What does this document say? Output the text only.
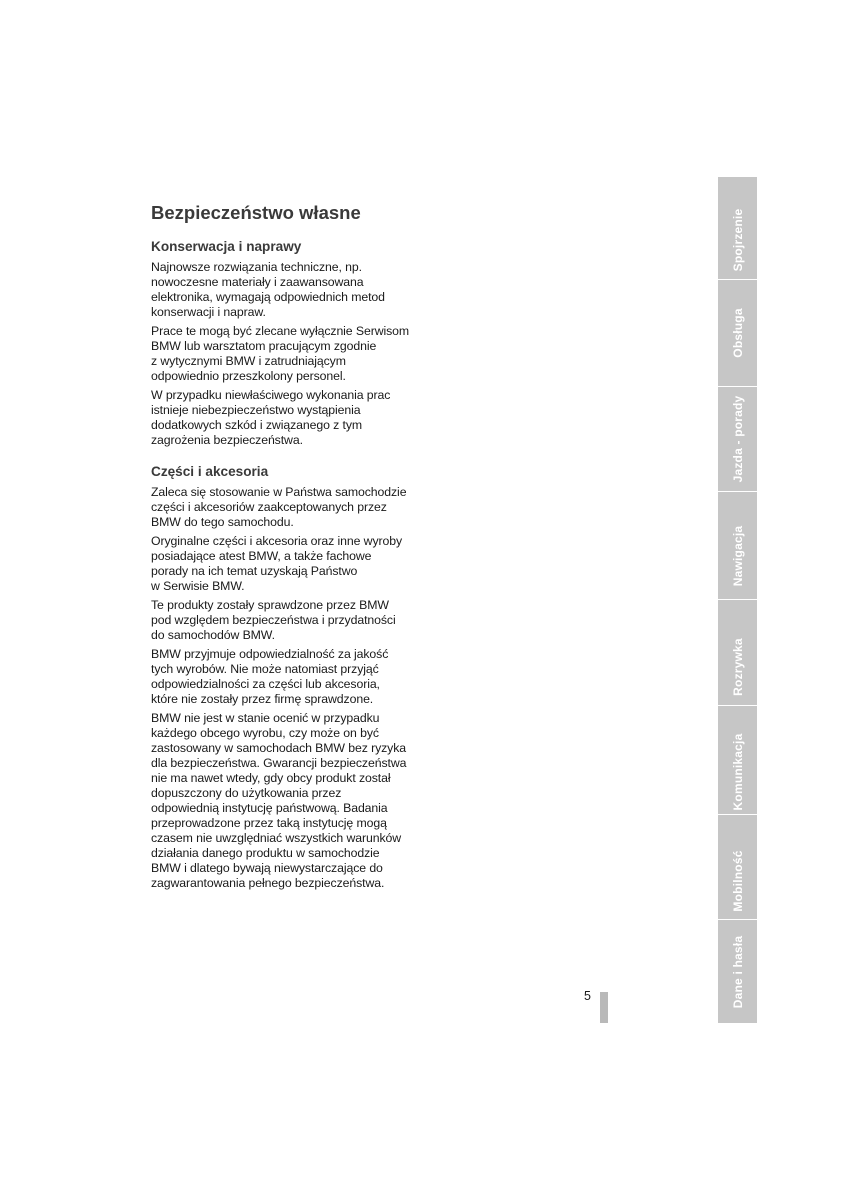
Bezpieczeństwo własne
Konserwacja i naprawy

Najnowsze rozwiązania techniczne, np.
nowoczesne materiały i zaawansowana
elektronika, wymagają odpowiednich metod
konserwacji i napraw.

Prace te mogą być zlecane wyłącznie Serwisom
BMW lub warsztatom pracującym zgodnie
z wytycznymi BMW i zatrudniającym
odpowiednio przeszkolony personel.

W przypadku niewłaściwego wykonania prac
istnieje niebezpieczeństwo wystąpienia
dodatkowych szkód i związanego z tym
zagrożenia bezpieczeństwa.

Części i akcesoria

Zaleca się stosowanie w Państwa samochodzie
części i akcesoriów zaakceptowanych przez
BMW do tego samochodu.

Oryginalne części i akcesoria oraz inne wyroby
posiadające atest BMW, a także fachowe
porady na ich temat uzyskają Państwo
w Serwisie BMW.

Te produkty zostały sprawdzone przez BMW
pod względem bezpieczeństwa i przydatności
do samochodów BMW.

BMW przyjmuje odpowiedzialność za jakość
tych wyrobów. Nie może natomiast przyjąć
odpowiedzialności za części lub akcesoria,
które nie zostały przez firmę sprawdzone.

BMW nie jest w stanie ocenić w przypadku
każdego obcego wyrobu, czy może on być
zastosowany w samochodach BMW bez ryzyka
dla bezpieczeństwa. Gwarancji bezpieczeństwa
nie ma nawet wtedy, gdy obcy produkt został
dopuszczony do użytkowania przez
odpowiednią instytucję państwową. Badania
przeprowadzone przez taką instytucję mogą
czasem nie uwzględniać wszystkich warunków
działania danego produktu w samochodzie
BMW i dlatego bywają niewystarczające do
zagwarantowania pełnego bezpieczeństwa.

5
Spojrzenie
Obsługa
Jazda - porady
Nawigacja
Rozrywka
Komunikacja
Mobilność
Dane i hasła
